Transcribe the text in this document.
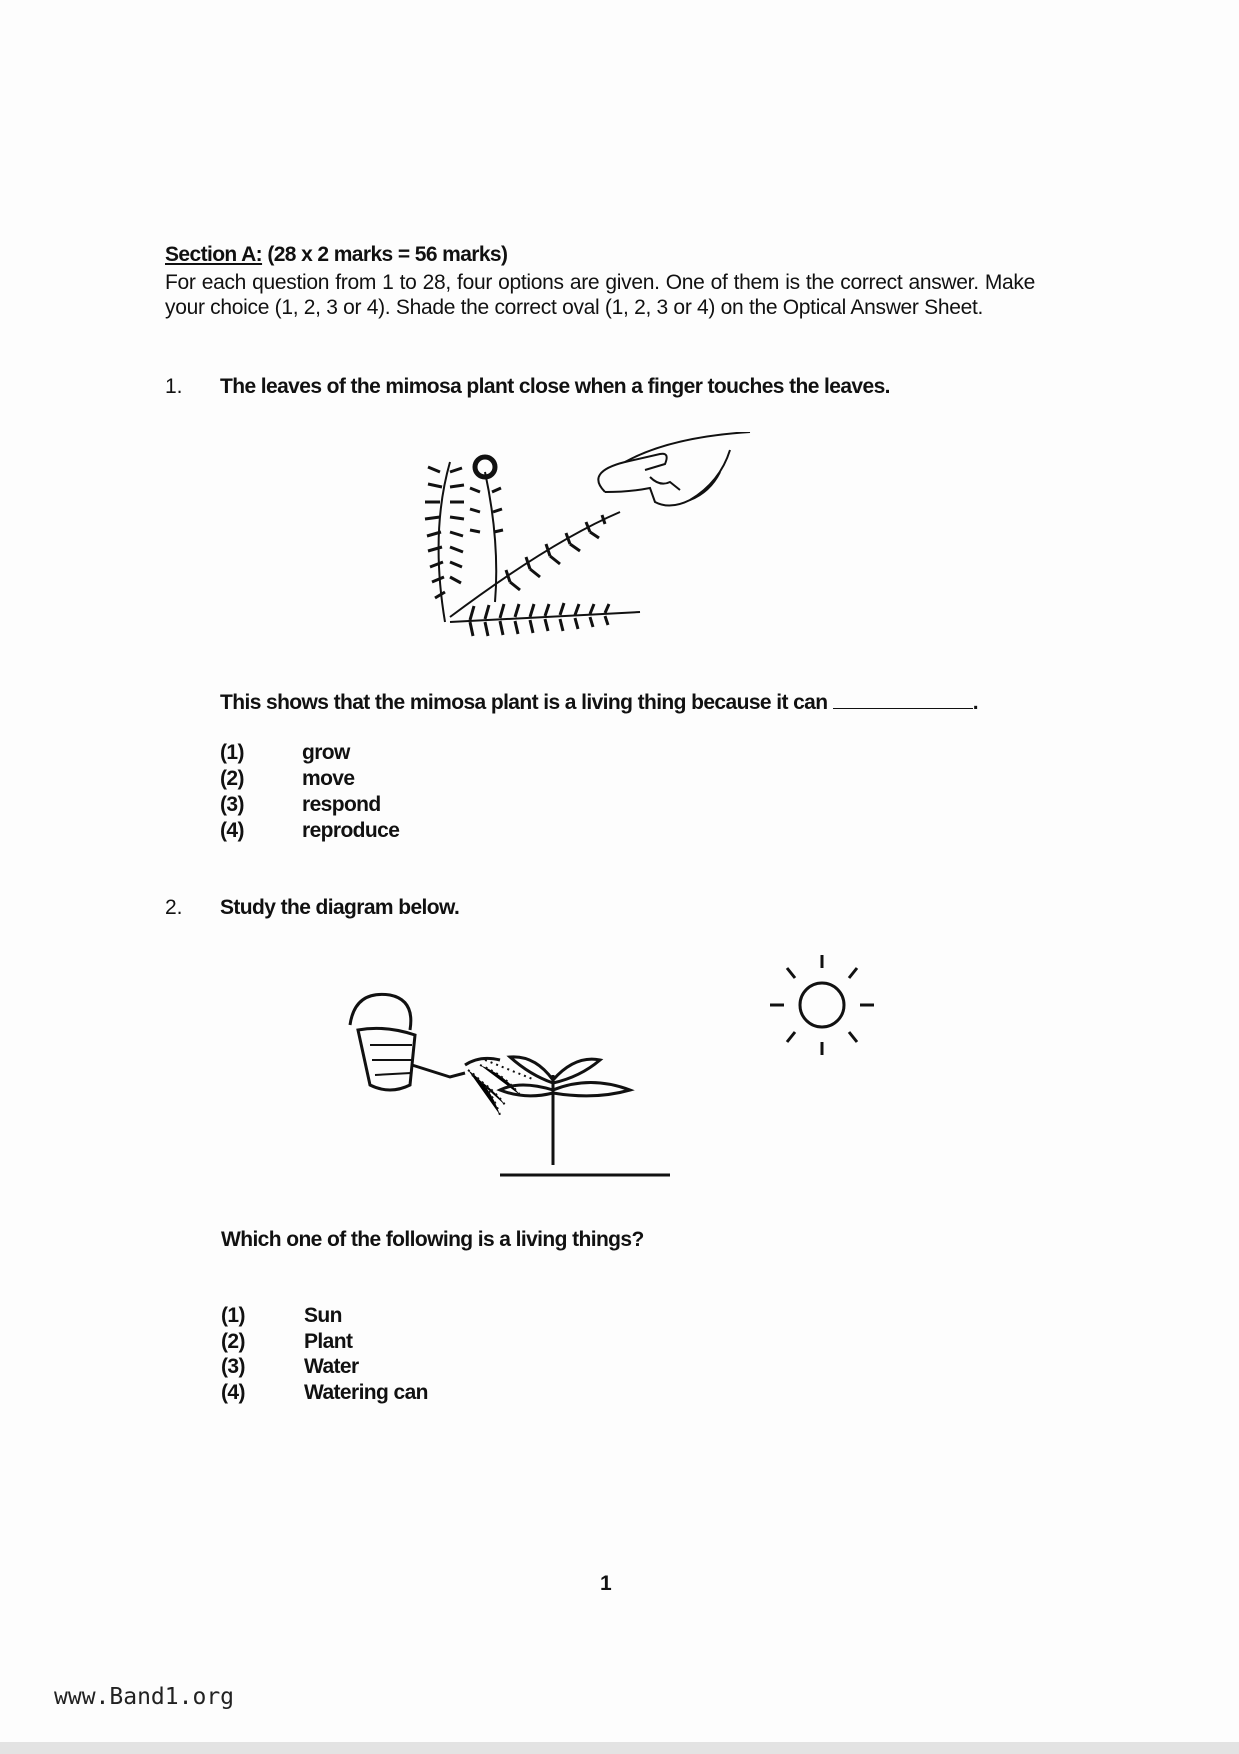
Section A: (28 x 2 marks = 56 marks)
For each question from 1 to 28, four options are given. One of them is the correct answer. Make your choice (1, 2, 3 or 4). Shade the correct oval (1, 2, 3 or 4) on the Optical Answer Sheet.
1. The leaves of the mimosa plant close when a finger touches the leaves.
This shows that the mimosa plant is a living thing because it can	.
(1)	grow
(2)	move
(3)	respond
(4)	reproduce
2. Study the diagram below.
Which one of the following is a living things?
(1)	Sun
(2)	Plant
(3)	Water
(4)	Watering can
1
www.Band1.org
